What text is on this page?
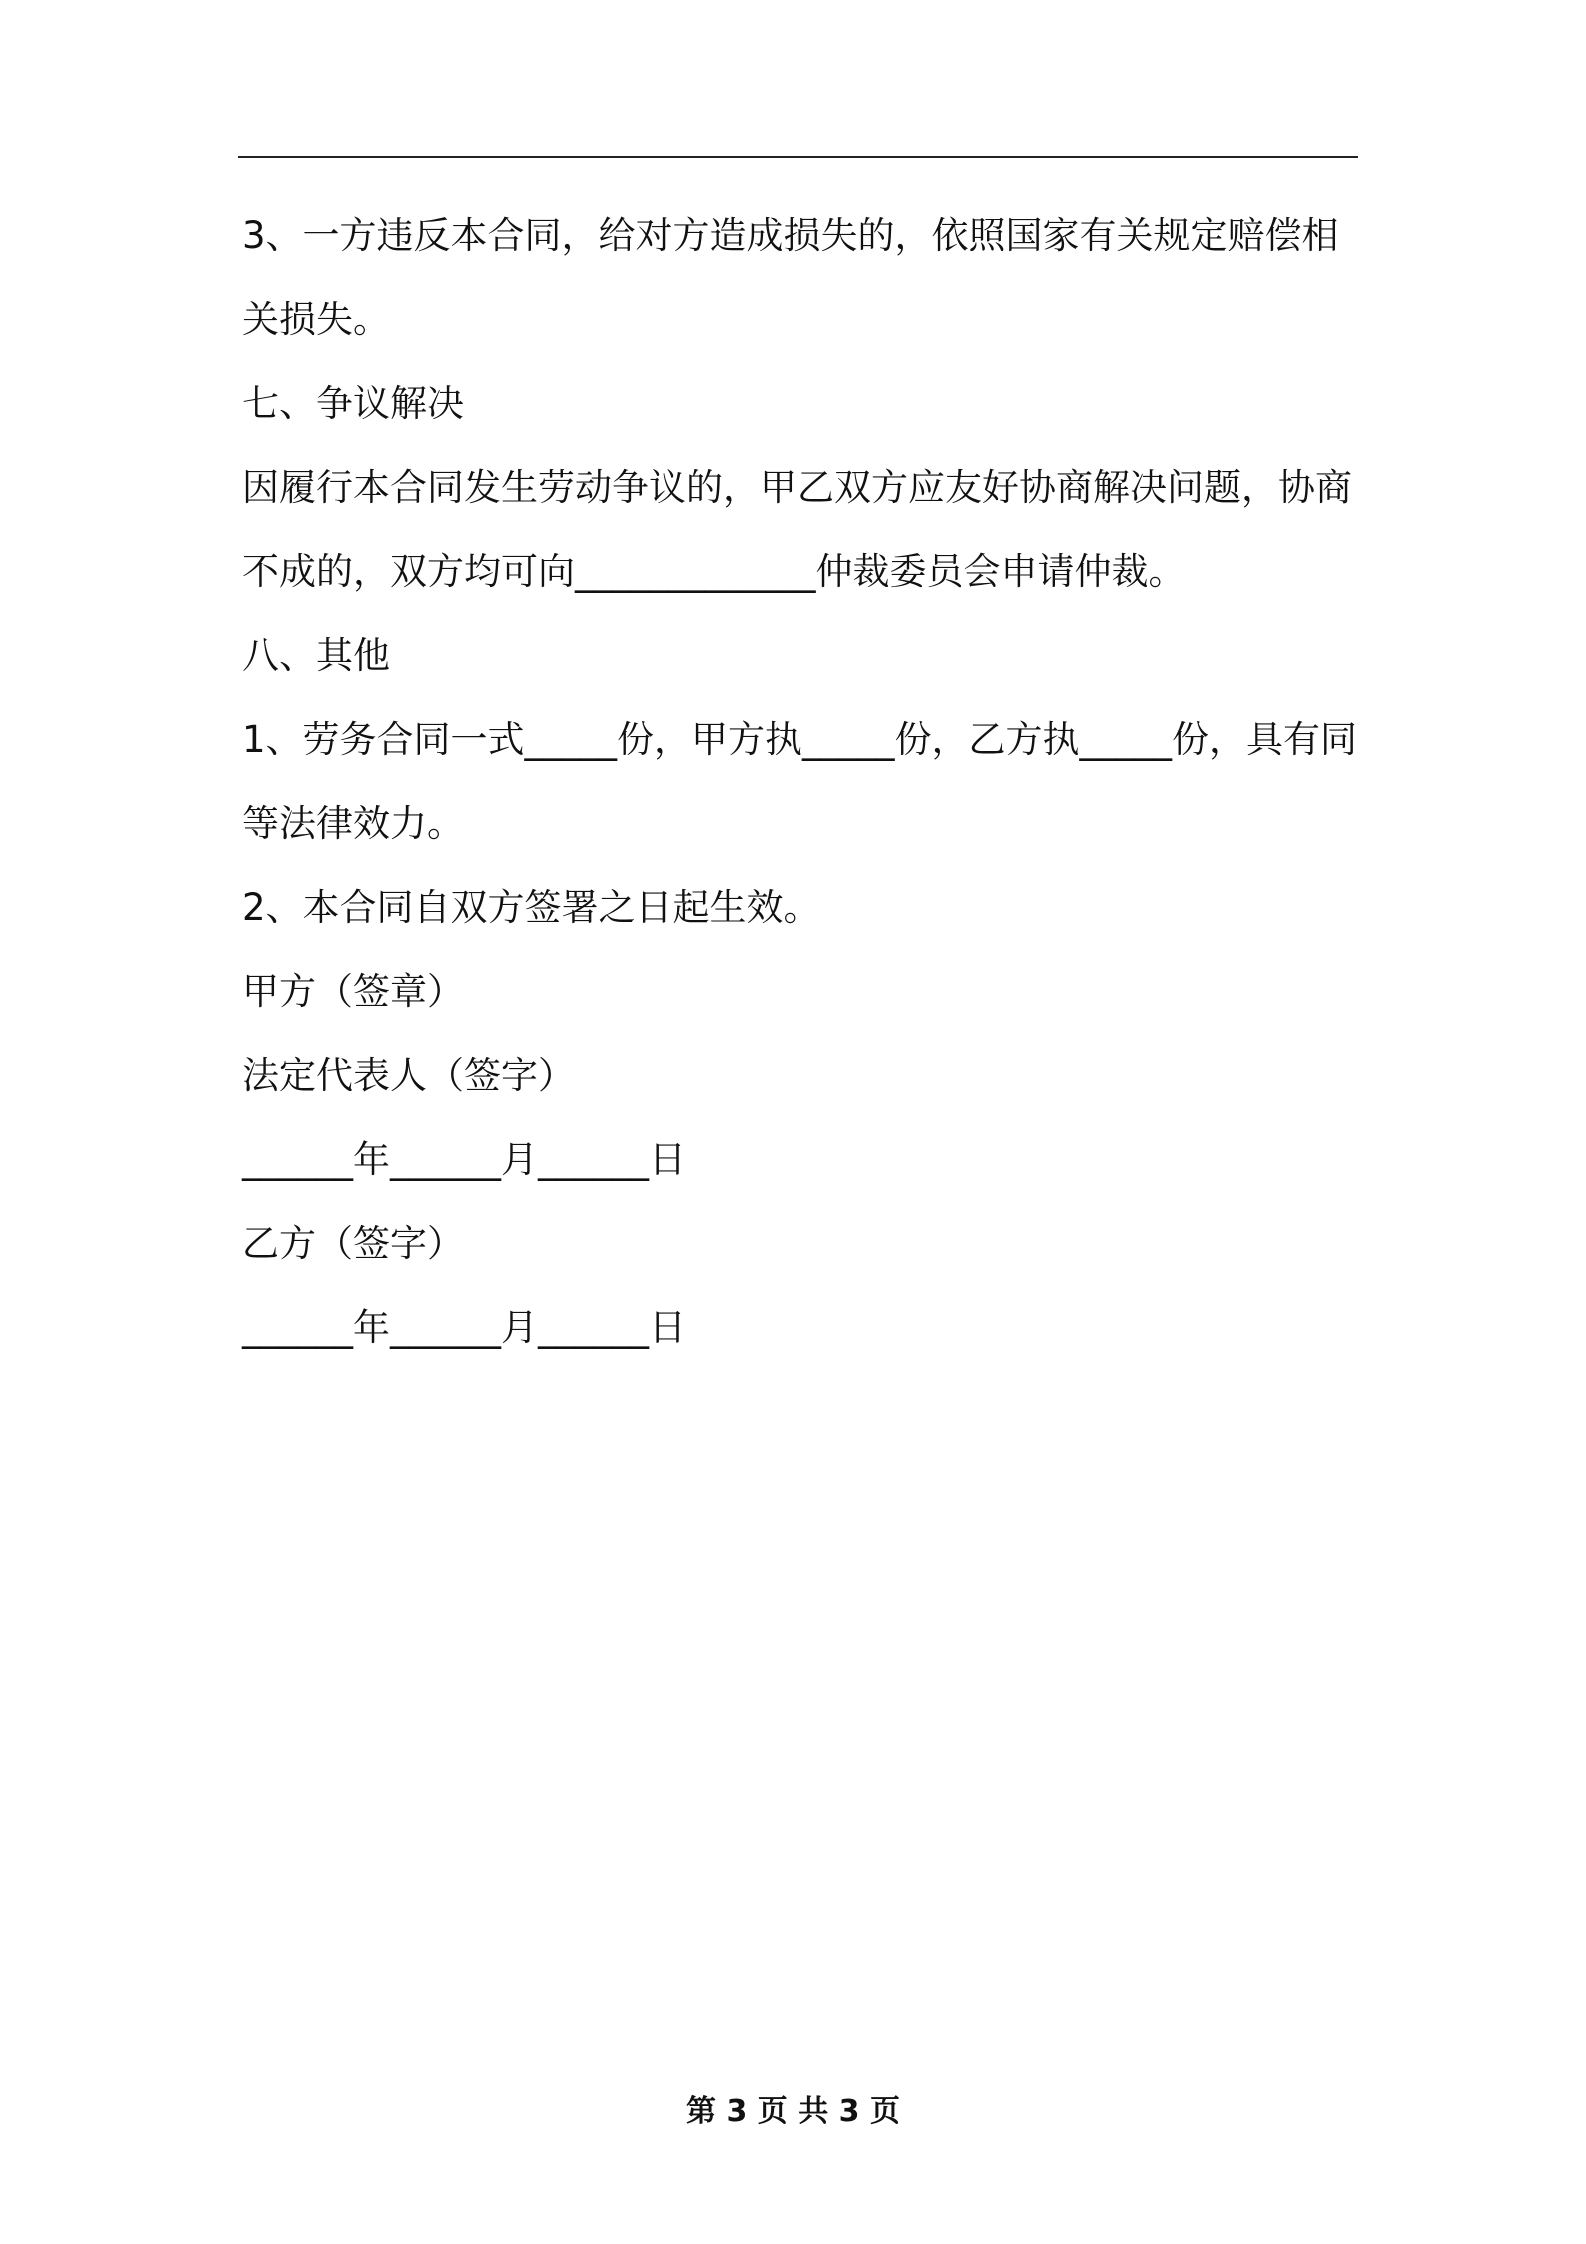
3、一方违反本合同，给对方造成损失的，依照国家有关规定赔偿相关损失。

七、争议解决

因履行本合同发生劳动争议的，甲乙双方应友好协商解决问题，协商不成的，双方均可向_____________仲裁委员会申请仲裁。

八、其他

1、劳务合同一式_____份，甲方执_____份，乙方执_____份，具有同等法律效力。

2、本合同自双方签署之日起生效。

甲方（签章）

法定代表人（签字）

______年______月______日

乙方（签字）

______年______月______日

第 3 页 共 3 页
